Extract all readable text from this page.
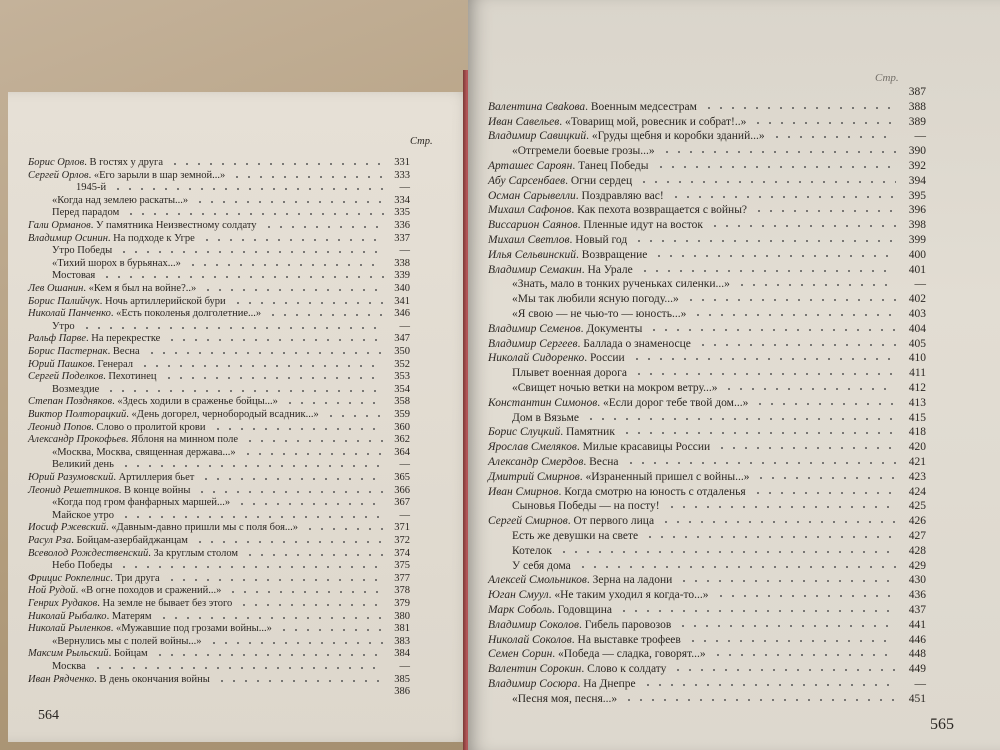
Стр.
Борис Орлов. В гостях у друга	331
Сергей Орлов. «Его зарыли в шар земной...»	333
1945-й	—
«Когда над землею раскаты...»	334
Перед парадом	335
Гали Орманов. У памятника Неизвестному солдату	336
Владимир Осинин. На подходе к Угре	337
Утро Победы	—
«Тихий шорох в бурьянах...»	338
Мостовая	339
Лев Ошанин. «Кем я был на войне?..»	340
Борис Палийчук. Ночь артиллерийской бури	341
Николай Панченко. «Есть поколенья долголетние...»	346
Утро	—
Ральф Парве. На перекрестке	347
Борис Пастернак. Весна	350
Юрий Пашков. Генерал	352
Сергей Поделков. Пехотинец	353
Возмездие	354
Степан Поздняков. «Здесь ходили в сраженье бойцы...»	358
Виктор Полторацкий. «День догорел, чернобородый всадник...»	359
Леонид Попов. Слово о пролитой крови	360
Александр Прокофьев. Яблоня на минном поле	362
«Москва, Москва, священная держава...»	364
Великий день	—
Юрий Разумовский. Артиллерия бьет	365
Леонид Решетников. В конце войны	366
«Когда под гром фанфарных маршей...»	367
Майское утро	—
Иосиф Ржевский. «Давным-давно пришли мы с поля боя...»	371
Расул Рза. Бойцам-азербайджанцам	372
Всеволод Рождественский. За круглым столом	374
Небо Победы	375
Фрицис Рокпелнис. Три друга	377
Ной Рудой. «В огне походов и сражений...»	378
Генрих Рудаков. На земле не бывает без этого	379
Николай Рыбалко. Матерям	380
Николай Рыленков. «Мужавшие под грозами войны...»	381
«Вернулись мы с полей войны...»	383
Максим Рыльский. Бойцам	384
Москва	—
Иван Рядченко. В день окончания войны	385
386
564
Стр.
387
Валентина Сваkова. Военным медсестрам	388
Иван Савельев. «Товарищ мой, ровесник и собрат!..»	389
Владимир Савицкий. «Груды щебня и коробки зданий...»	—
«Отгремели боевые грозы...»	390
Арташес Сароян. Танец Победы	392
Абу Сарсенбаев. Огни сердец	394
Осман Сарывелли. Поздравляю вас!	395
Михаил Сафонов. Как пехота возвращается с войны?	396
Виссарион Саянов. Пленные идут на восток	398
Михаил Светлов. Новый год	399
Илья Сельвинский. Возвращение	400
Владимир Семакин. На Урале	401
«Знать, мало в тонких рученьках силенки...»	—
«Мы так любили ясную погоду...»	402
«Я свою — не чью-то — юность...»	403
Владимир Семенов. Документы	404
Владимир Сергеев. Баллада о знаменосце	405
Николай Сидоренко. России	410
Плывет военная дорога	411
«Свищет ночью ветки на мокром ветру...»	412
Константин Симонов. «Если дорог тебе твой дом...»	413
Дом в Вязьме	415
Борис Слуцкий. Памятник	418
Ярослав Смеляков. Милые красавицы России	420
Александр Смердов. Весна	421
Дмитрий Смирнов. «Израненный пришел с войны...»	423
Иван Смирнов. Когда смотрю на юность с отдаленья	424
Сыновья Победы — на посту!	425
Сергей Смирнов. От первого лица	426
Есть же девушки на свете	427
Котелок	428
У себя дома	429
Алексей Смольников. Зерна на ладони	430
Юган Смуул. «Не таким уходил я когда-то...»	436
Марк Соболь. Годовщина	437
Владимир Соколов. Гибель паровозов	441
Николай Соколов. На выставке трофеев	446
Семен Сорин. «Победа — сладка, говорят...»	448
Валентин Сорокин. Слово к солдату	449
Владимир Сосюра. На Днепре	—
«Песня моя, песня...»	451
565
